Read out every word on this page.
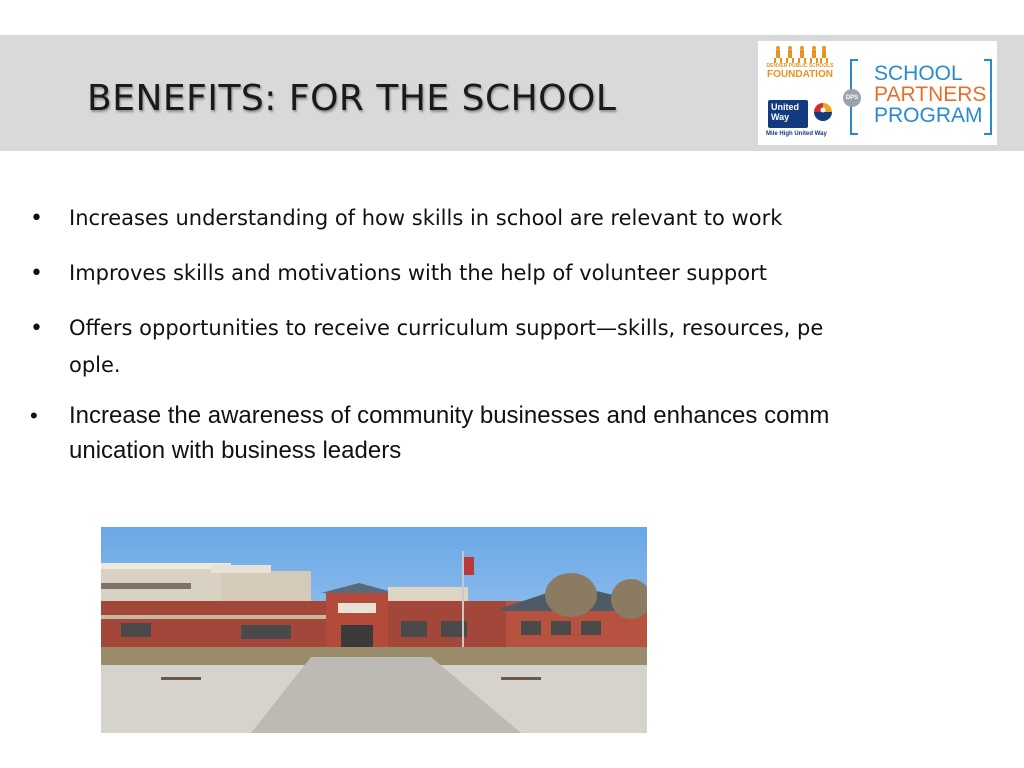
BENEFITS: FOR THE SCHOOL
DENVER PUBLIC SCHOOLS
FOUNDATION
United
Way
Mile High United Way
DPS
SCHOOL
PARTNERS
PROGRAM
• Increases understanding of how skills in school are relevant to work
• Improves skills and motivations with the help of volunteer support
• Offers opportunities to receive curriculum support—skills, resources, pe
ople.
• Increase the awareness of community businesses and enhances comm
unication with business leaders
